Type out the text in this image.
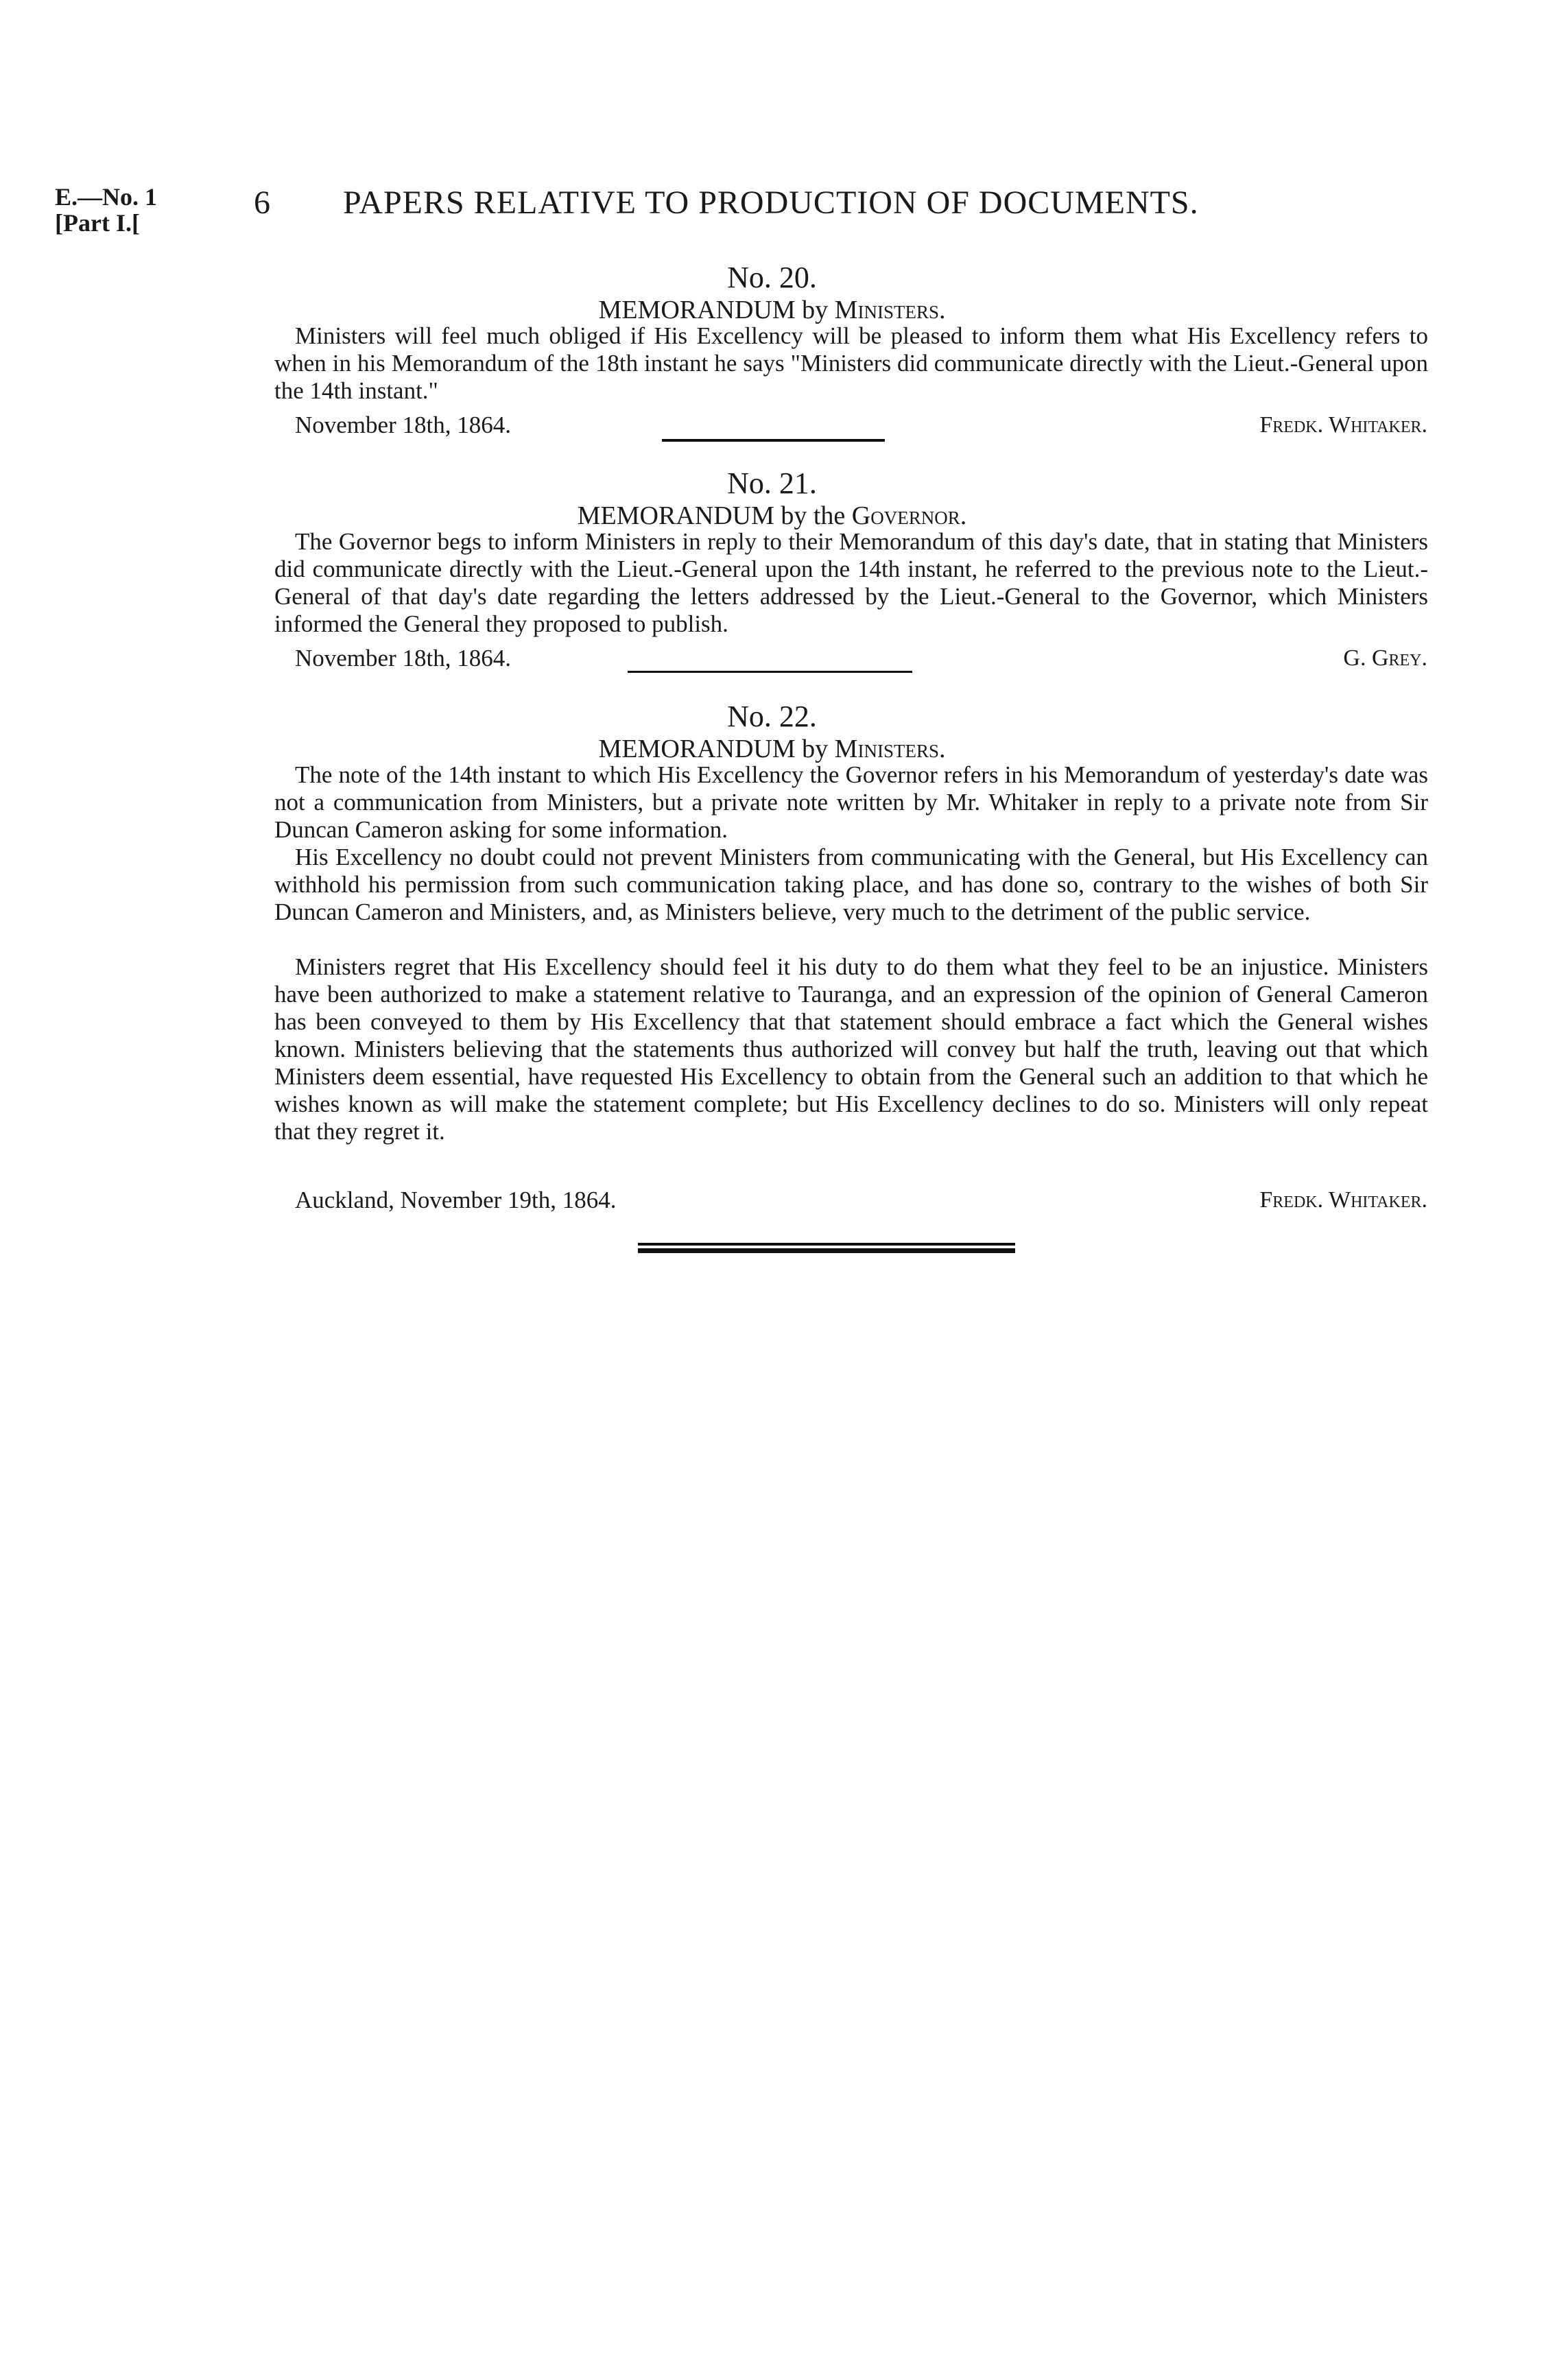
E.—No. 1
[Part I.[
6 PAPERS RELATIVE TO PRODUCTION OF DOCUMENTS.
No. 20.
MEMORANDUM by Ministers.
Ministers will feel much obliged if His Excellency will be pleased to inform them what His Excellency refers to when in his Memorandum of the 18th instant he says "Ministers did communicate directly with the Lieut.-General upon the 14th instant."
November 18th, 1864.	Fredk. Whitaker.
No. 21.
MEMORANDUM by the Governor.
The Governor begs to inform Ministers in reply to their Memorandum of this day's date, that in stating that Ministers did communicate directly with the Lieut.-General upon the 14th instant, he referred to the previous note to the Lieut.-General of that day's date regarding the letters addressed by the Lieut.-General to the Governor, which Ministers informed the General they proposed to publish.
November 18th, 1864.	G. Grey.
No. 22.
MEMORANDUM by Ministers.
The note of the 14th instant to which His Excellency the Governor refers in his Memorandum of yesterday's date was not a communication from Ministers, but a private note written by Mr. Whitaker in reply to a private note from Sir Duncan Cameron asking for some information.
His Excellency no doubt could not prevent Ministers from communicating with the General, but His Excellency can withhold his permission from such communication taking place, and has done so, contrary to the wishes of both Sir Duncan Cameron and Ministers, and, as Ministers believe, very much to the detriment of the public service.
Ministers regret that His Excellency should feel it his duty to do them what they feel to be an injustice. Ministers have been authorized to make a statement relative to Tauranga, and an expression of the opinion of General Cameron has been conveyed to them by His Excellency that that statement should embrace a fact which the General wishes known. Ministers believing that the statements thus authorized will convey but half the truth, leaving out that which Ministers deem essential, have requested His Excellency to obtain from the General such an addition to that which he wishes known as will make the statement complete; but His Excellency declines to do so. Ministers will only repeat that they regret it.
Auckland, November 19th, 1864.	Fredk. Whitaker.
